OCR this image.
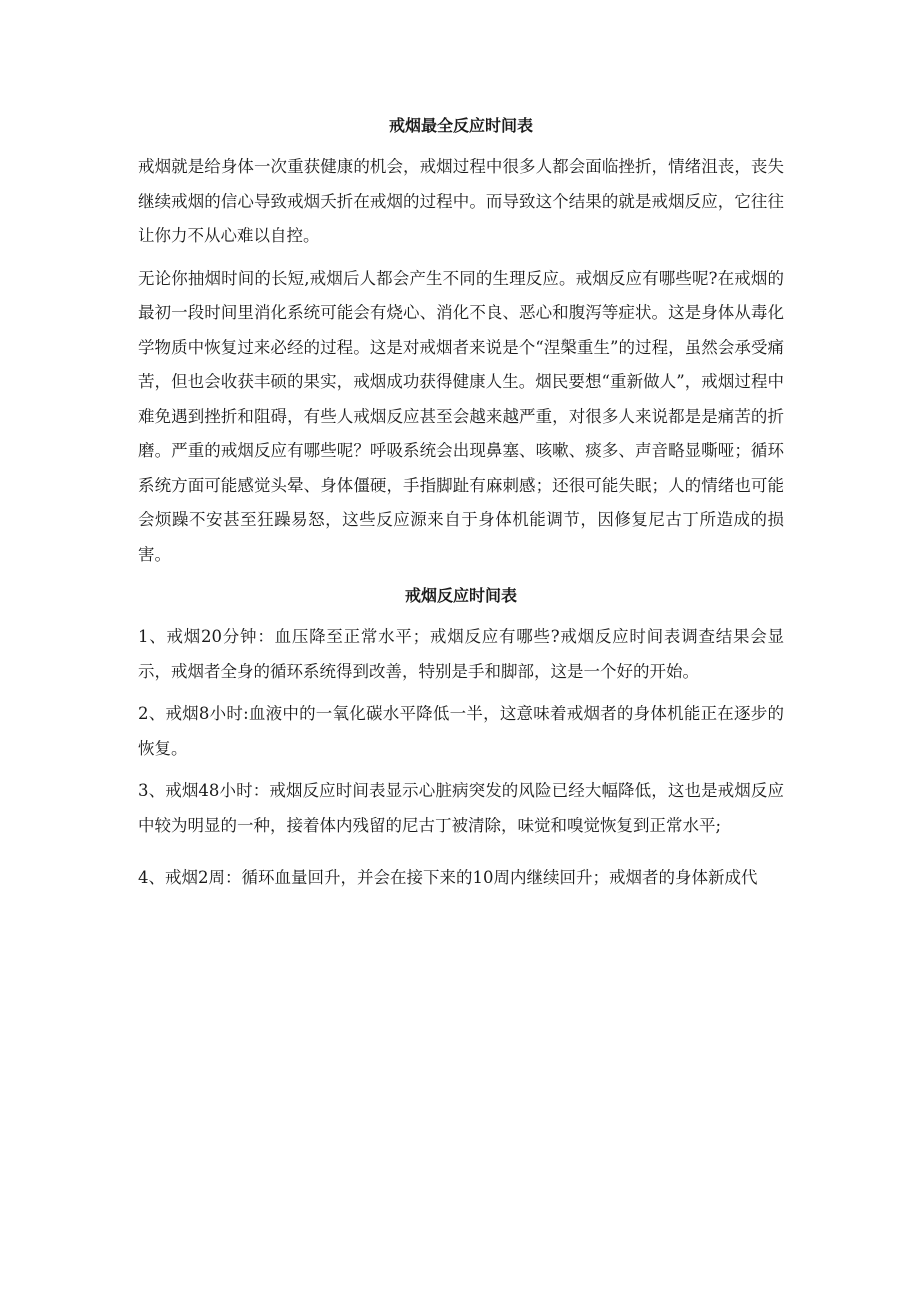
戒烟最全反应时间表

戒烟就是给身体一次重获健康的机会，戒烟过程中很多人都会面临挫折，情绪沮丧，丧失继续戒烟的信心导致戒烟夭折在戒烟的过程中。而导致这个结果的就是戒烟反应，它往往让你力不从心难以自控。

无论你抽烟时间的长短,戒烟后人都会产生不同的生理反应。戒烟反应有哪些呢?在戒烟的最初一段时间里消化系统可能会有烧心、消化不良、恶心和腹泻等症状。这是身体从毒化学物质中恢复过来必经的过程。这是对戒烟者来说是个“涅槃重生”的过程，虽然会承受痛苦，但也会收获丰硕的果实，戒烟成功获得健康人生。烟民要想“重新做人”，戒烟过程中难免遇到挫折和阻碍，有些人戒烟反应甚至会越来越严重，对很多人来说都是是痛苦的折磨。严重的戒烟反应有哪些呢？呼吸系统会出现鼻塞、咳嗽、痰多、声音略显嘶哑；循环系统方面可能感觉头晕、身体僵硬，手指脚趾有麻刺感；还很可能失眠；人的情绪也可能会烦躁不安甚至狂躁易怒，这些反应源来自于身体机能调节，因修复尼古丁所造成的损害。

戒烟反应时间表

1、戒烟20分钟：血压降至正常水平；戒烟反应有哪些?戒烟反应时间表调查结果会显示，戒烟者全身的循环系统得到改善，特别是手和脚部，这是一个好的开始。

2、戒烟8小时:血液中的一氧化碳水平降低一半，这意味着戒烟者的身体机能正在逐步的恢复。

3、戒烟48小时：戒烟反应时间表显示心脏病突发的风险已经大幅降低，这也是戒烟反应中较为明显的一种，接着体内残留的尼古丁被清除，味觉和嗅觉恢复到正常水平;

4、戒烟2周：循环血量回升，并会在接下来的10周内继续回升；戒烟者的身体新成代
